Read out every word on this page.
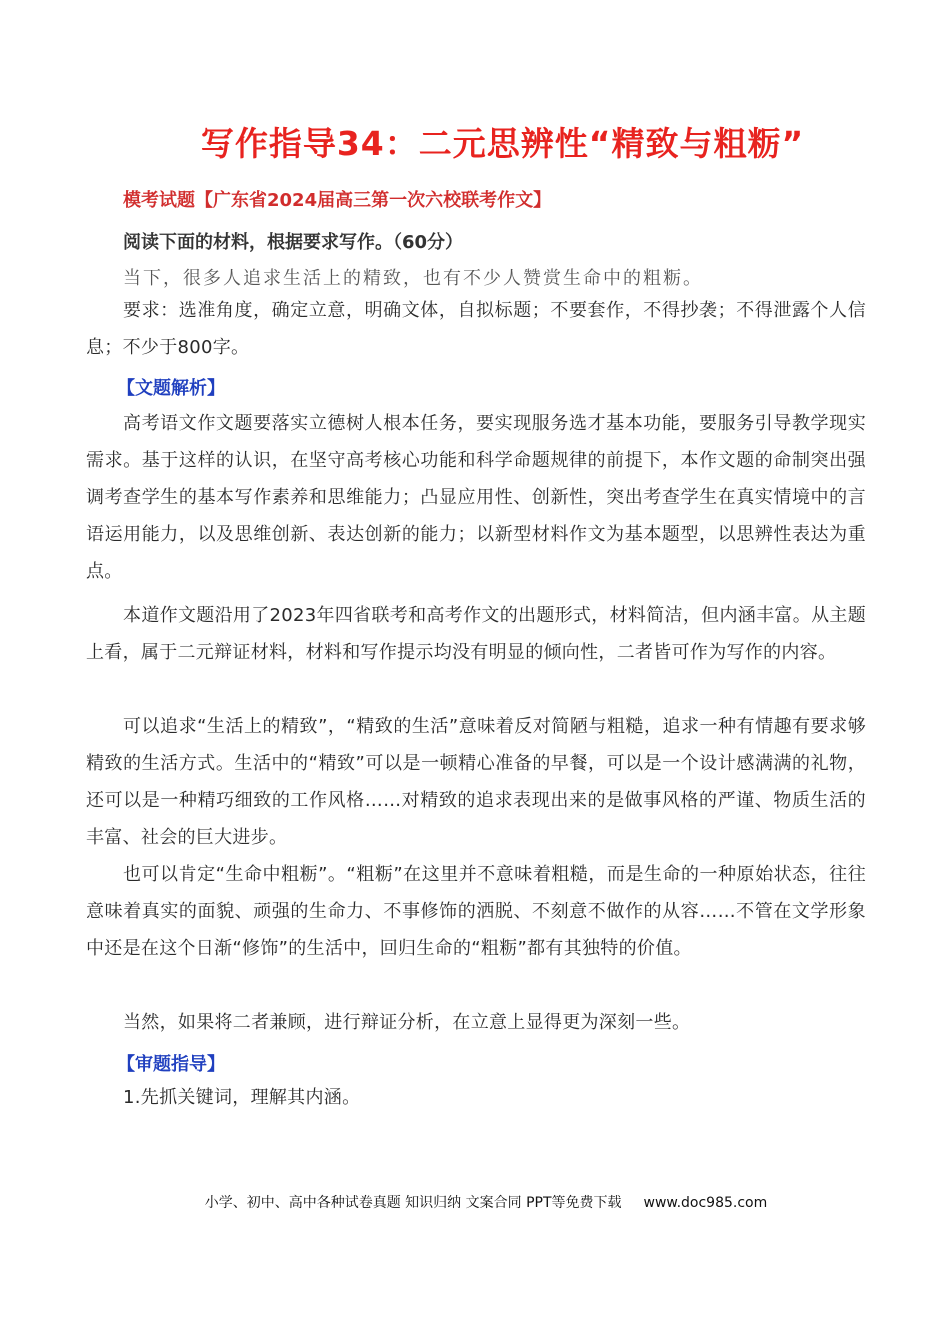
写作指导34：二元思辨性“精致与粗粝”
模考试题【广东省2024届高三第一次六校联考作文】
阅读下面的材料，根据要求写作。（60分）
当下，很多人追求生活上的精致，也有不少人赞赏生命中的粗粝。
要求：选准角度，确定立意，明确文体，自拟标题；不要套作，不得抄袭；不得泄露个人信息；不少于800字。
【文题解析】
高考语文作文题要落实立德树人根本任务，要实现服务选才基本功能，要服务引导教学现实需求。基于这样的认识，在坚守高考核心功能和科学命题规律的前提下，本作文题的命制突出强调考查学生的基本写作素养和思维能力；凸显应用性、创新性，突出考查学生在真实情境中的言语运用能力，以及思维创新、表达创新的能力；以新型材料作文为基本题型，以思辨性表达为重点。
本道作文题沿用了2023年四省联考和高考作文的出题形式，材料简洁，但内涵丰富。从主题上看，属于二元辩证材料，材料和写作提示均没有明显的倾向性，二者皆可作为写作的内容。
可以追求“生活上的精致”，“精致的生活”意味着反对简陋与粗糙，追求一种有情趣有要求够精致的生活方式。生活中的“精致”可以是一顿精心准备的早餐，可以是一个设计感满满的礼物，还可以是一种精巧细致的工作风格……对精致的追求表现出来的是做事风格的严谨、物质生活的丰富、社会的巨大进步。
也可以肯定“生命中粗粝”。“粗粝”在这里并不意味着粗糙，而是生命的一种原始状态，往往意味着真实的面貌、顽强的生命力、不事修饰的洒脱、不刻意不做作的从容……不管在文学形象中还是在这个日渐“修饰”的生活中，回归生命的“粗粝”都有其独特的价值。
当然，如果将二者兼顾，进行辩证分析，在立意上显得更为深刻一些。
【审题指导】
1.先抓关键词，理解其内涵。
小学、初中、高中各种试卷真题 知识归纳 文案合同 PPT等免费下载 www.doc985.com
